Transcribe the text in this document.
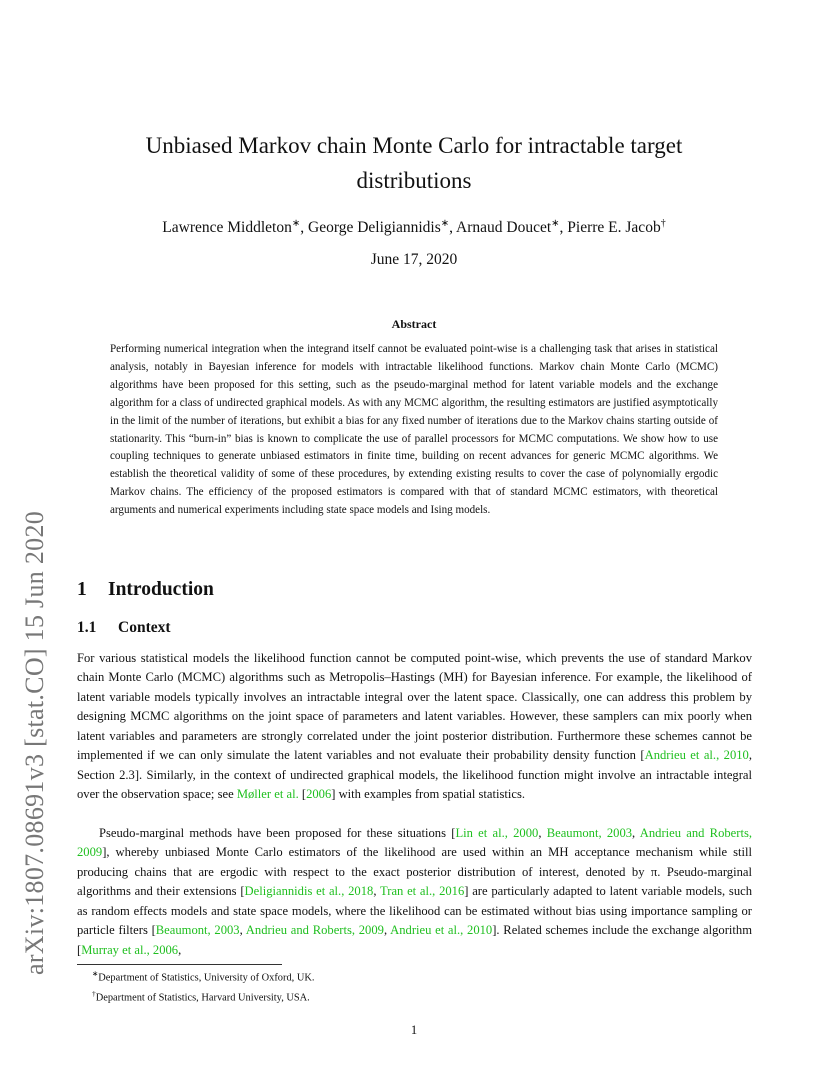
arXiv:1807.08691v3 [stat.CO] 15 Jun 2020
Unbiased Markov chain Monte Carlo for intractable target distributions
Lawrence Middleton∗, George Deligiannidis∗, Arnaud Doucet∗, Pierre E. Jacob†
June 17, 2020
Abstract

Performing numerical integration when the integrand itself cannot be evaluated point-wise is a challenging task that arises in statistical analysis, notably in Bayesian inference for models with intractable likelihood functions. Markov chain Monte Carlo (MCMC) algorithms have been proposed for this setting, such as the pseudo-marginal method for latent variable models and the exchange algorithm for a class of undirected graphical models. As with any MCMC algorithm, the resulting estimators are justified asymptotically in the limit of the number of iterations, but exhibit a bias for any fixed number of iterations due to the Markov chains starting outside of stationarity. This “burn-in” bias is known to complicate the use of parallel processors for MCMC computations. We show how to use coupling techniques to generate unbiased estimators in finite time, building on recent advances for generic MCMC algorithms. We establish the theoretical validity of some of these procedures, by extending existing results to cover the case of polynomially ergodic Markov chains. The efficiency of the proposed estimators is compared with that of standard MCMC estimators, with theoretical arguments and numerical experiments including state space models and Ising models.

1 Introduction
1.1 Context

For various statistical models the likelihood function cannot be computed point-wise, which prevents the use of standard Markov chain Monte Carlo (MCMC) algorithms such as Metropolis–Hastings (MH) for Bayesian inference. For example, the likelihood of latent variable models typically involves an intractable integral over the latent space. Classically, one can address this problem by designing MCMC algorithms on the joint space of parameters and latent variables. However, these samplers can mix poorly when latent variables and parameters are strongly correlated under the joint posterior distribution. Furthermore these schemes cannot be implemented if we can only simulate the latent variables and not evaluate their probability density function [Andrieu et al., 2010, Section 2.3]. Similarly, in the context of undirected graphical models, the likelihood function might involve an intractable integral over the observation space; see Møller et al. [2006] with examples from spatial statistics.

Pseudo-marginal methods have been proposed for these situations [Lin et al., 2000, Beaumont, 2003, Andrieu and Roberts, 2009], whereby unbiased Monte Carlo estimators of the likelihood are used within an MH acceptance mechanism while still producing chains that are ergodic with respect to the exact posterior distribution of interest, denoted by π. Pseudo-marginal algorithms and their extensions [Deligiannidis et al., 2018, Tran et al., 2016] are particularly adapted to latent variable models, such as random effects models and state space models, where the likelihood can be estimated without bias using importance sampling or particle filters [Beaumont, 2003, Andrieu and Roberts, 2009, Andrieu et al., 2010]. Related schemes include the exchange algorithm [Murray et al., 2006,

∗Department of Statistics, University of Oxford, UK.
†Department of Statistics, Harvard University, USA.
1
